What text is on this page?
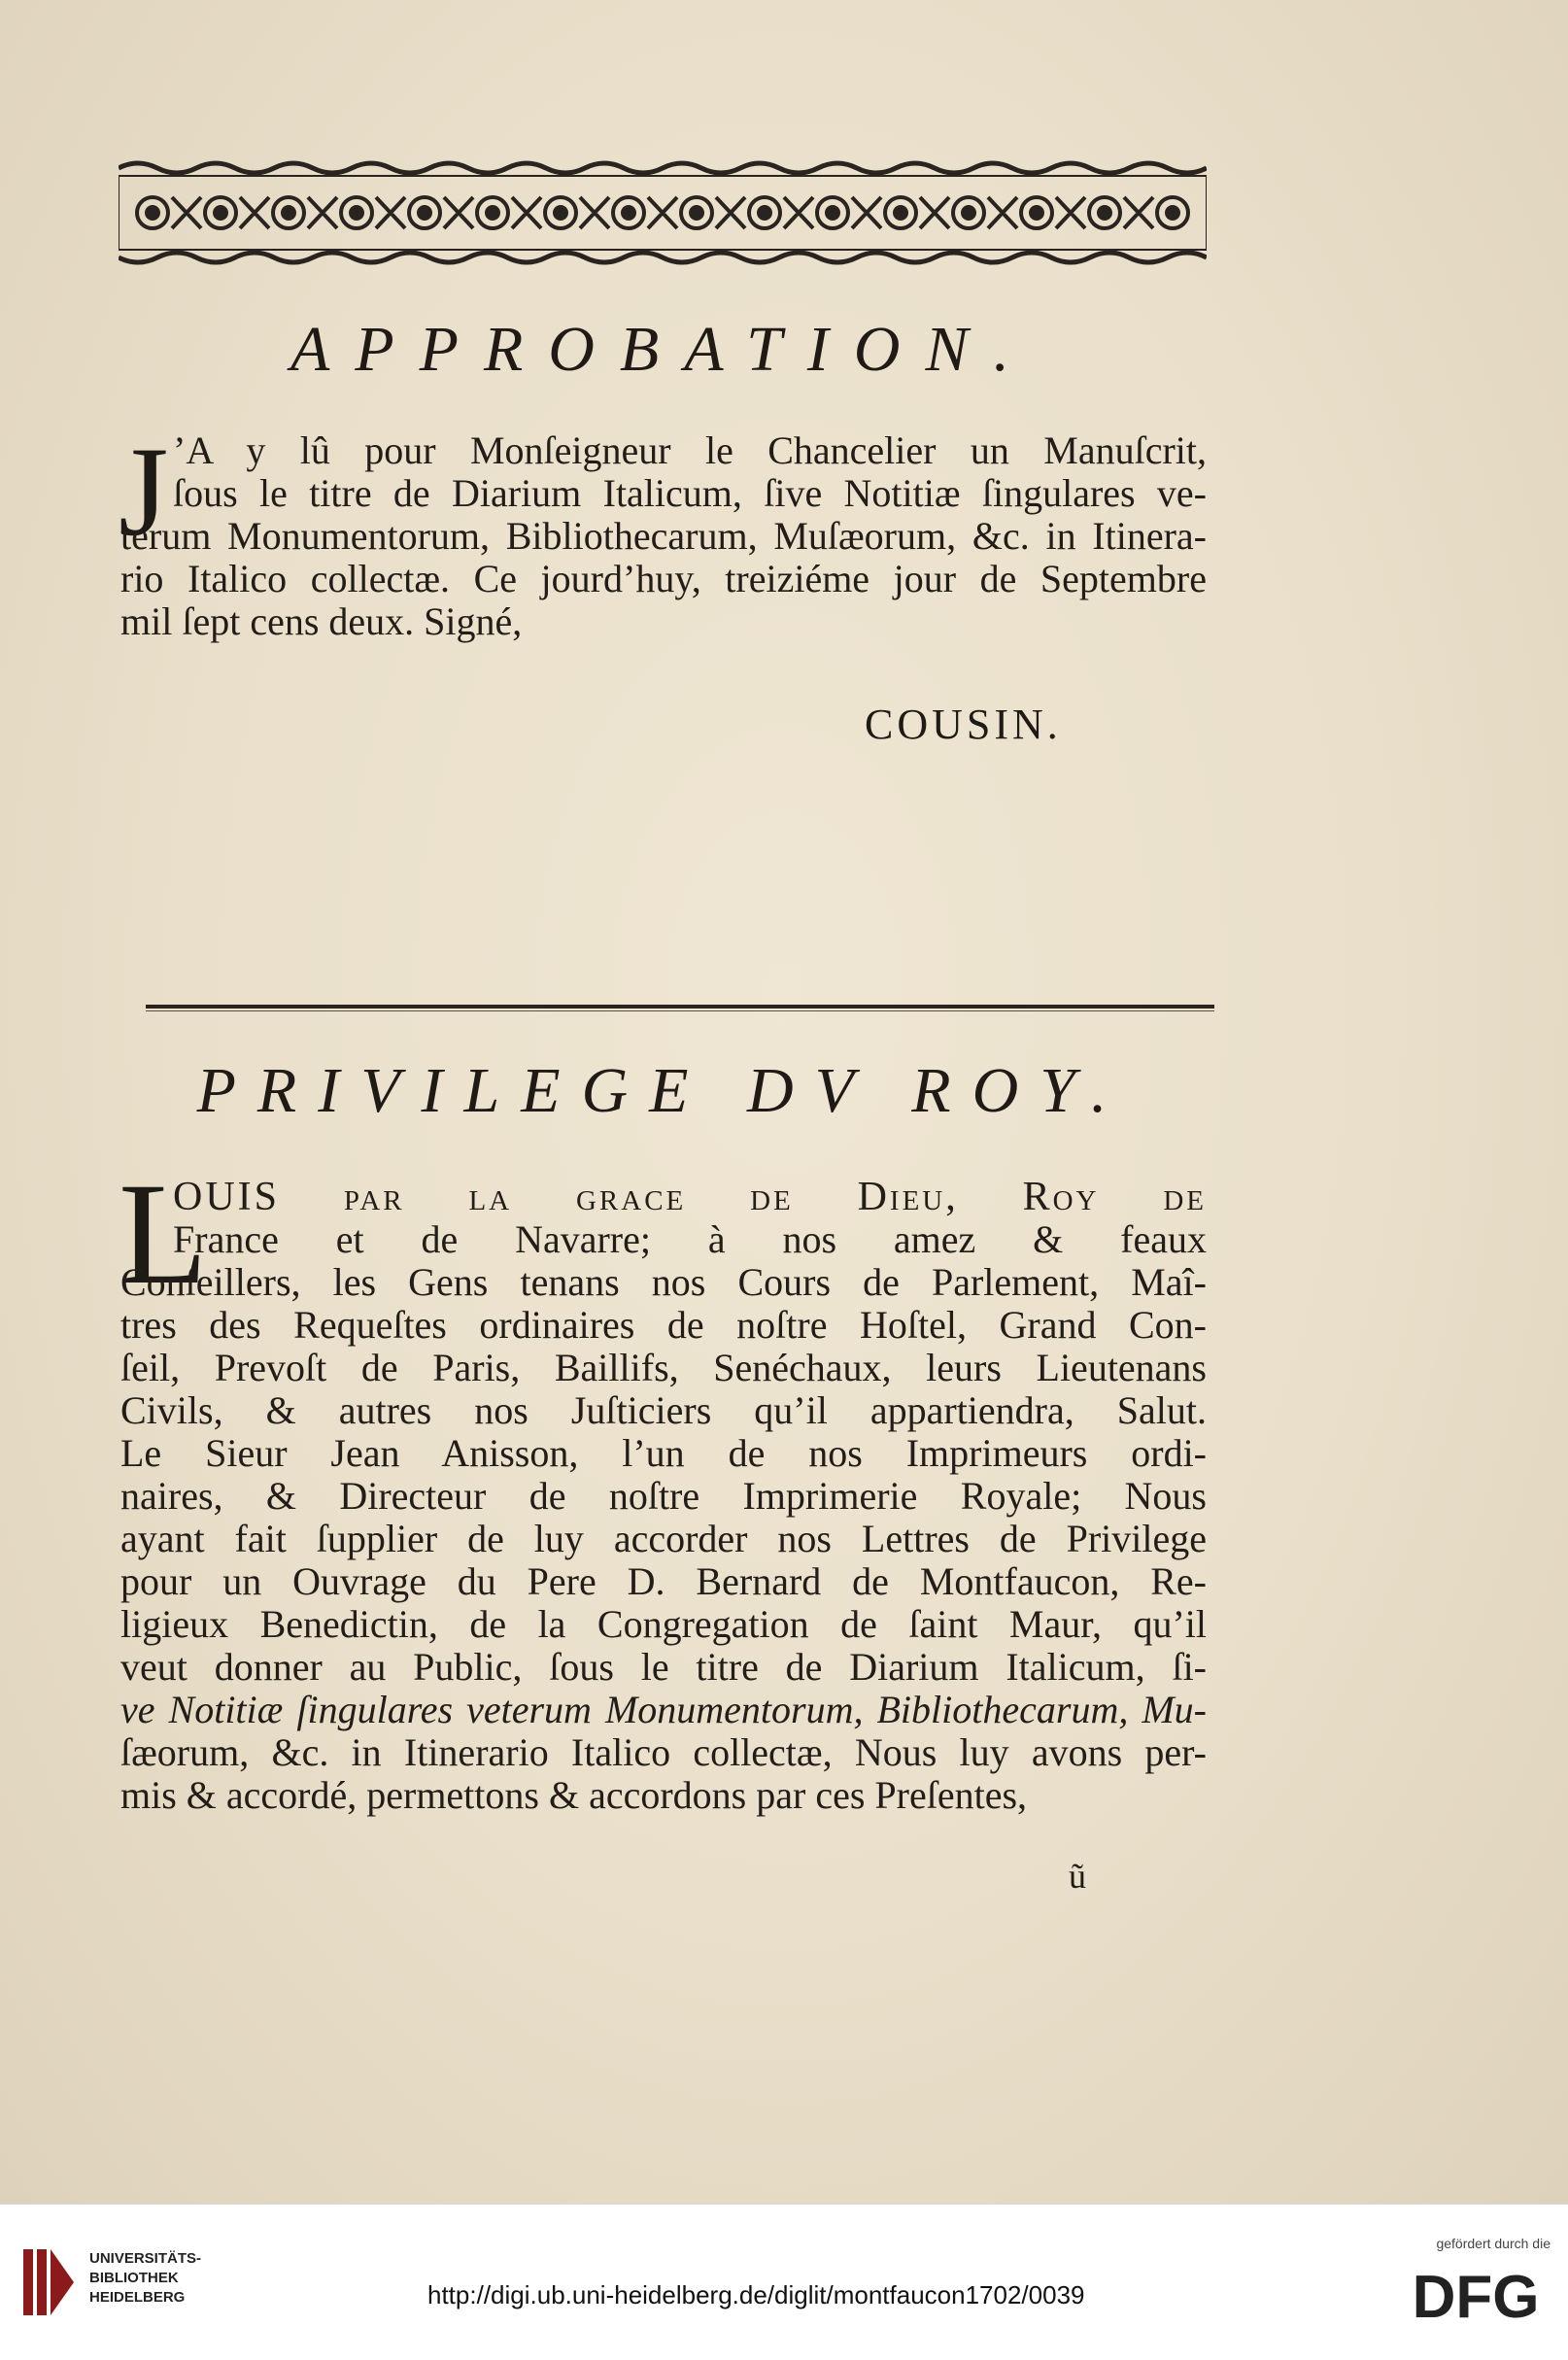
APPROBATION.
J ’A y lû pour Monſeigneur le Chancelier un Manuſcrit,
ſous le titre de Diarium Italicum, ſive Notitiæ ſingulares ve-
terum Monumentorum, Bibliothecarum, Muſæorum, &c. in Itinera-
rio Italico collectæ. Ce jourd’huy, treiziéme jour de Septembre
mil ſept cens deux. Signé,
COUSIN.
PRIVILEGE DV ROY.
L
OUIS par la grace de Dieu, Roy de
France et de Navarre; à nos amez & feaux
Conſeillers, les Gens tenans nos Cours de Parlement, Maî-
tres des Requeſtes ordinaires de noſtre Hoſtel, Grand Con-
ſeil, Prevoſt de Paris, Baillifs, Senéchaux, leurs Lieutenans
Civils, & autres nos Juſticiers qu’il appartiendra, Salut.
Le Sieur Jean Anisson, l’un de nos Imprimeurs ordi-
naires, & Directeur de noſtre Imprimerie Royale; Nous
ayant fait ſupplier de luy accorder nos Lettres de Privilege
pour un Ouvrage du Pere D. Bernard de Montfaucon, Re-
ligieux Benedictin, de la Congregation de ſaint Maur, qu’il
veut donner au Public, ſous le titre de Diarium Italicum, ſi-
ve Notitiæ ſingulares veterum Monumentorum, Bibliothecarum, Mu-
ſæorum, &c. in Itinerario Italico collectæ, Nous luy avons per-
mis & accordé, permettons & accordons par ces Preſentes,
ũ
UNIVERSITÄTS-
BIBLIOTHEK
HEIDELBERG	http://digi.ub.uni-heidelberg.de/diglit/montfaucon1702/0039
gefördert durch die
DFG
